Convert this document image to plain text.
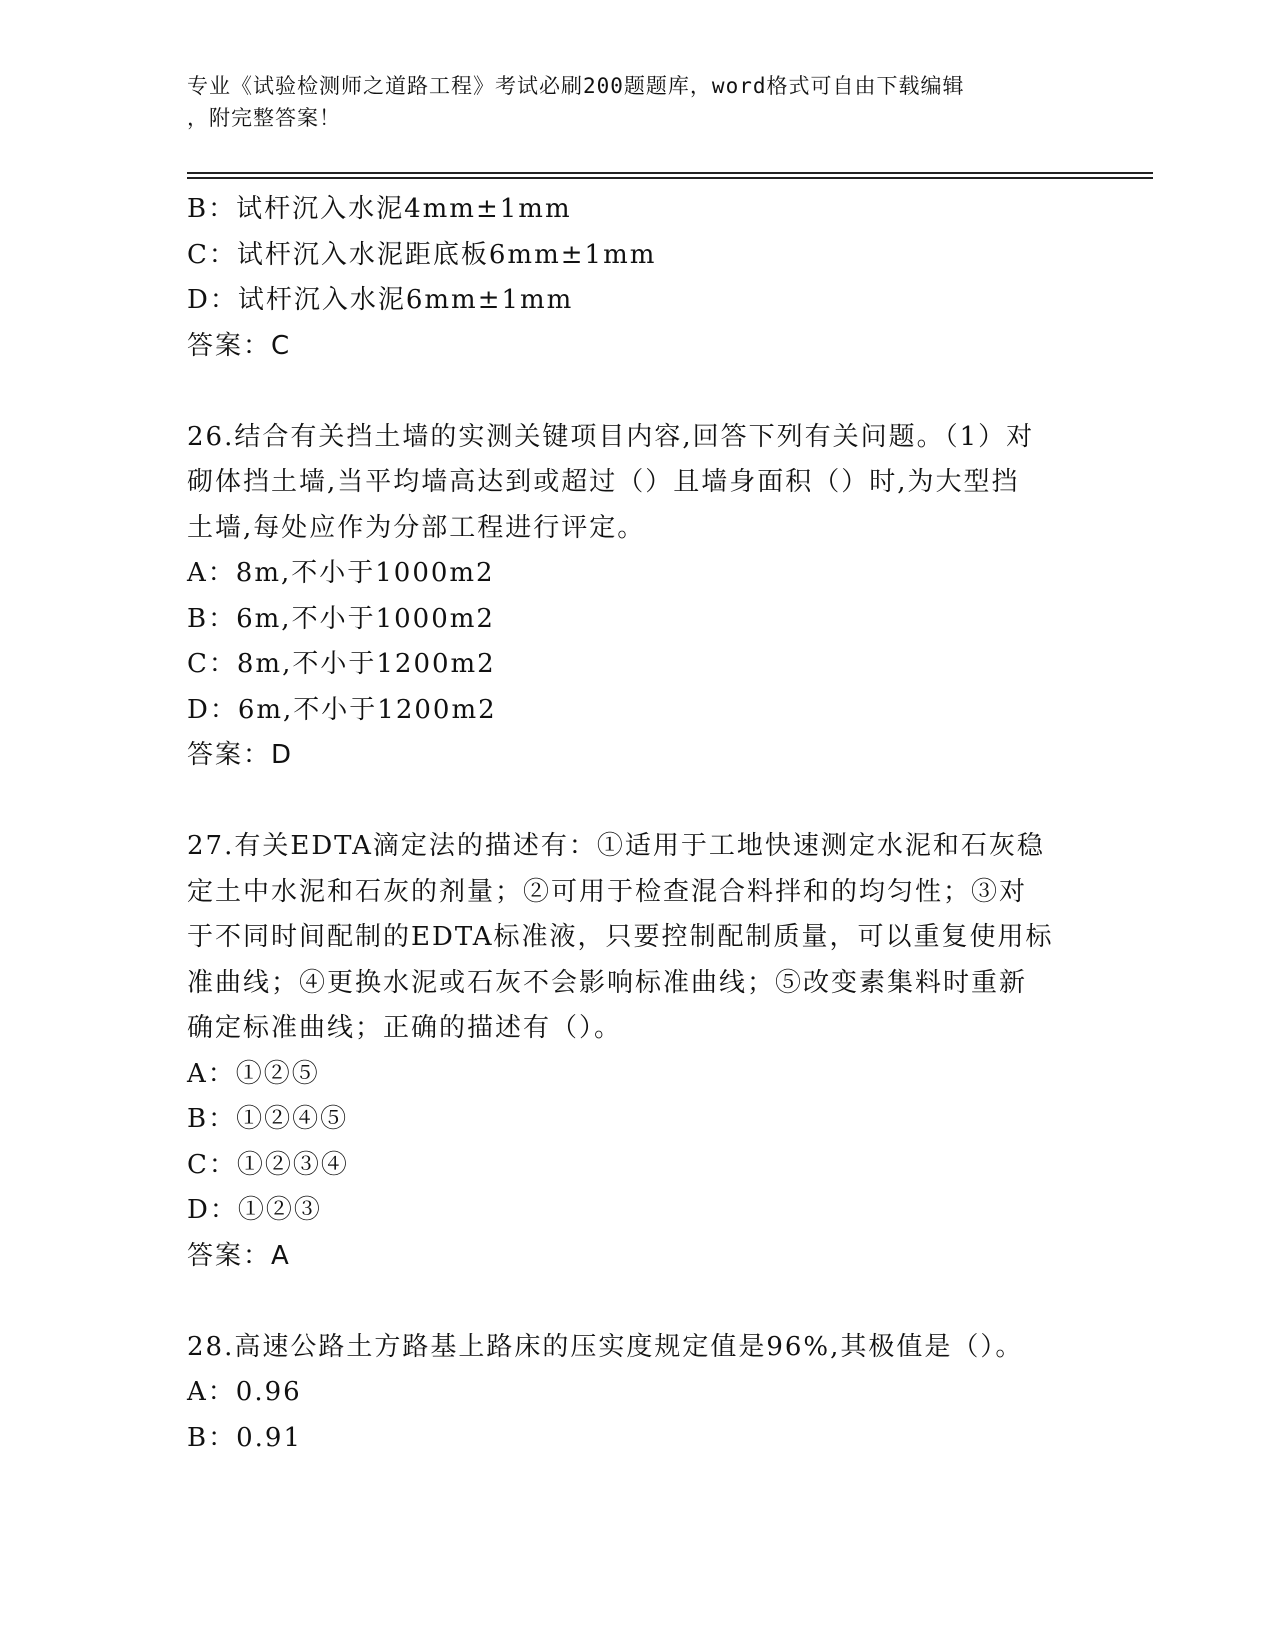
专业《试验检测师之道路工程》考试必刷200题题库，word格式可自由下载编辑
，附完整答案！
B：试杆沉入水泥4mm±1mm
C：试杆沉入水泥距底板6mm±1mm
D：试杆沉入水泥6mm±1mm
答案：C
26.结合有关挡土墙的实测关键项目内容,回答下列有关问题。（1）对
砌体挡土墙,当平均墙高达到或超过（）且墙身面积（）时,为大型挡
土墙,每处应作为分部工程进行评定。
A：8m,不小于1000m2
B：6m,不小于1000m2
C：8m,不小于1200m2
D：6m,不小于1200m2
答案：D
27.有关EDTA滴定法的描述有：①适用于工地快速测定水泥和石灰稳
定土中水泥和石灰的剂量；②可用于检查混合料拌和的均匀性；③对
于不同时间配制的EDTA标准液，只要控制配制质量，可以重复使用标
准曲线；④更换水泥或石灰不会影响标准曲线；⑤改变素集料时重新
确定标准曲线；正确的描述有（）。
A：①②⑤
B：①②④⑤
C：①②③④
D：①②③
答案：A
28.高速公路土方路基上路床的压实度规定值是96%,其极值是（）。
A：0.96
B：0.91
